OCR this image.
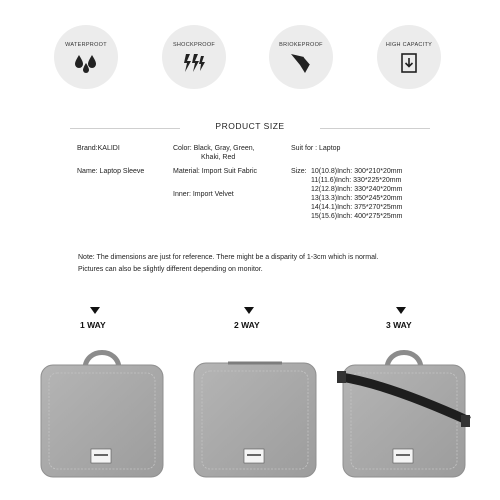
WATERPROOT	SHOCKPROOF	BRIOKEPROOF	HIGH CAPACITY
PRODUCT SIZE
Brand:KALIDI
Name: Laptop Sleeve
Color: Black, Gray, Green,
Khaki, Red
Material: Import Suit Fabric
Inner: Import Velvet
Suit for : Laptop
Size: 10(10.8)Inch: 300*210*20mm
11(11.6)Inch: 330*225*20mm
12(12.8)Inch: 330*240*20mm
13(13.3)Inch: 350*245*20mm
14(14.1)Inch: 375*270*25mm
15(15.6)Inch: 400*275*25mm
Note: The dimensions are just for reference. There might be a disparity of 1-3cm which is normal.
Pictures can also be slightly different depending on monitor.
1 WAY	2 WAY	3 WAY
